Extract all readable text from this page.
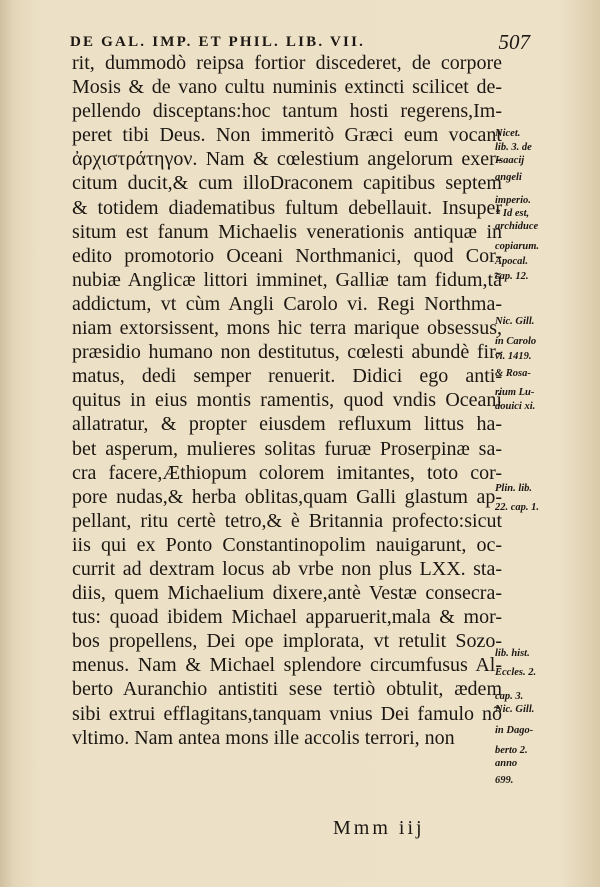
DE GAL. IMP. ET PHIL. LIB. VII.	507
rit, dummodò reipsa fortior discederet, de corpore
Mosis & de vano cultu numinis extincti scilicet de-
pellendo disceptans:hoc tantum hosti regerens,Im-
peret tibi Deus. Non immeritò Græci eum vocant
ἀρχιστράτηγον. Nam & cœlestium angelorum exer-
citum ducit,& cum illoDraconem capitibus septem
& totidem diadematibus fultum debellauit. Insuper
situm est fanum Michaelis venerationis antiquæ in
edito promotorio Oceani Northmanici, quod Cor-
nubiæ Anglicæ littori imminet, Galliæ tam fidum,tã
addictum, vt cùm Angli Carolo vi. Regi Northma-
niam extorsissent, mons hic terra marique obsessus,
præsidio humano non destitutus, cœlesti abundè fir-
matus, dedi semper renuerit. Didici ego anti-
quitus in eius montis ramentis, quod vndis Oceani
allatratur, & propter eiusdem refluxum littus ha-
bet asperum, mulieres solitas furuæ Proserpinæ sa-
cra facere,Æthiopum colorem imitantes, toto cor-
pore nudas,& herba oblitas,quam Galli glastum ap-
pellant, ritu certè tetro,& è Britannia profecto:sicut
iis qui ex Ponto Constantinopolim nauigarunt, oc-
currit ad dextram locus ab vrbe non plus LXX. sta-
diis, quem Michaelium dixere,antè Vestæ consecra-
tus: quoad ibidem Michael apparuerit,mala & mor-
bos propellens, Dei ope implorata, vt retulit Sozo-
menus. Nam & Michael splendore circumfusus Al-
berto Auranchio antistiti sese tertiò obtulit, ædem
sibi extrui efflagitans,tanquam vnius Dei famulo nõ
vltimo. Nam antea mons ille accolis terrori, non
Nicet.
lib. 3. de
Isaacij
angeli
imperio.
* Id est,
archiduce
copiarum.
Apocal.
cap. 12.
Nic. Gill.
in Carolo
vi. 1419.
& Rosa-
rium Lu-
douici xi.
Plin. lib.
22. cap. 1.
lib. hist.
Eccles. 2.
cap. 3.
Nic. Gill.
in Dago-
berto 2.
anno
699.
Mmm iij
